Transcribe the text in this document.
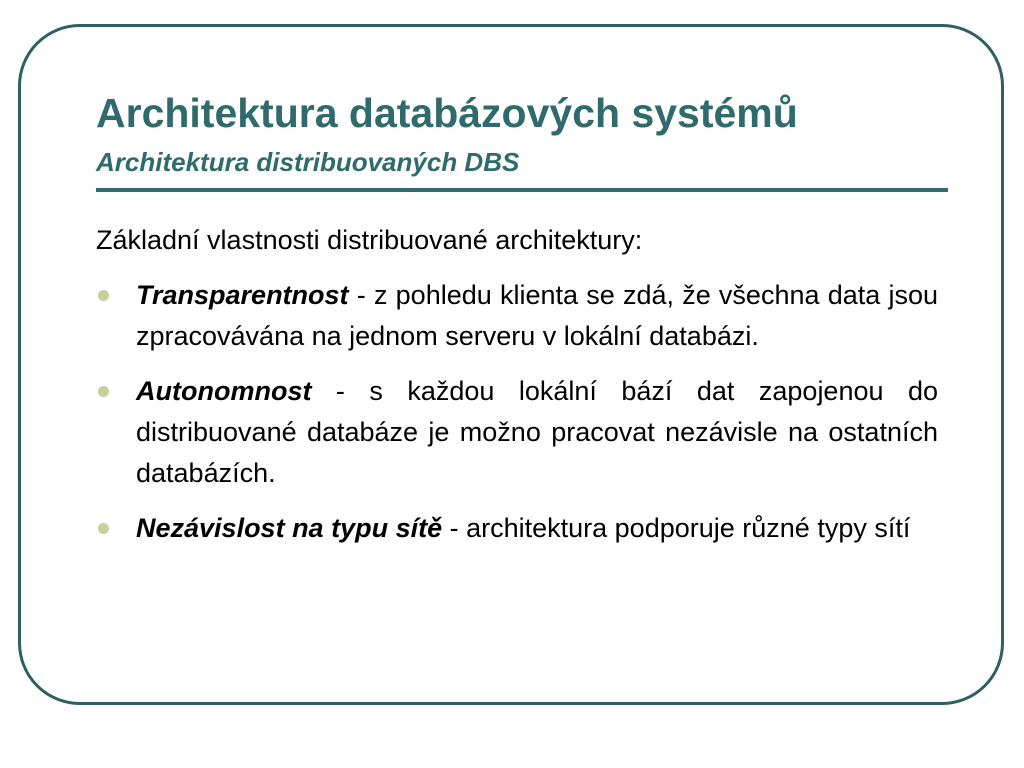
Architektura databázových systémů
Architektura distribuovaných DBS

Základní vlastnosti distribuované architektury:

Transparentnost - z pohledu klienta se zdá, že všechna data jsou zpracovávána na jednom serveru v lokální databázi.
Autonomnost - s každou lokální bází dat zapojenou do distribuované databáze je možno pracovat nezávisle na ostatních databázích.
Nezávislost na typu sítě - architektura podporuje různé typy sítí
